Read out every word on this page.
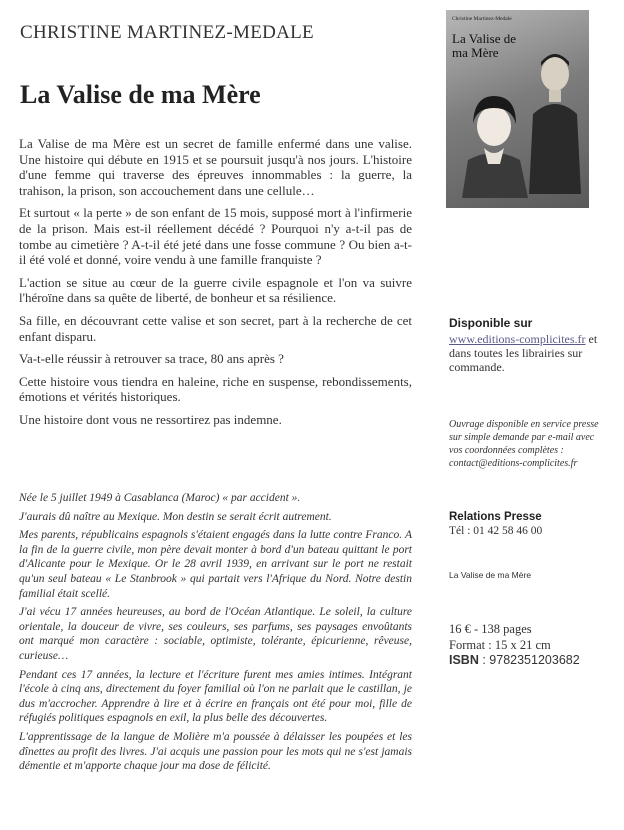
CHRISTINE MARTINEZ-MEDALE
La Valise de ma Mère

La Valise de ma Mère est un secret de famille enfermé dans une valise. Une histoire qui débute en 1915 et se poursuit jusqu'à nos jours. L'histoire d'une femme qui traverse des épreuves innommables : la guerre, la trahison, la prison, son accouchement dans une cellule…

Et surtout « la perte » de son enfant de 15 mois, supposé mort à l'infirmerie de la prison. Mais est-il réellement décédé ? Pourquoi n'y a-t-il pas de tombe au cimetière ? A-t-il été jeté dans une fosse commune ? Ou bien a-t-il été volé et donné, voire vendu à une famille franquiste ?

L'action se situe au cœur de la guerre civile espagnole et l'on va suivre l'héroïne dans sa quête de liberté, de bonheur et sa résilience.

Sa fille, en découvrant cette valise et son secret, part à la recherche de cet enfant disparu.

Va-t-elle réussir à retrouver sa trace, 80 ans après ?

Cette histoire vous tiendra en haleine, riche en suspense, rebondissements, émotions et vérités historiques.

Une histoire dont vous ne ressortirez pas indemne.

Née le 5 juillet 1949 à Casablanca (Maroc) « par accident ».

J'aurais dû naître au Mexique. Mon destin se serait écrit autrement.

Mes parents, républicains espagnols s'étaient engagés dans la lutte contre Franco. A la fin de la guerre civile, mon père devait monter à bord d'un bateau quittant le port d'Alicante pour le Mexique. Or le 28 avril 1939, en arrivant sur le port ne restait qu'un seul bateau « Le Stanbrook » qui partait vers l'Afrique du Nord. Notre destin familial était scellé.

J'ai vécu 17 années heureuses, au bord de l'Océan Atlantique. Le soleil, la culture orientale, la douceur de vivre, ses couleurs, ses parfums, ses paysages envoûtants ont marqué mon caractère : sociable, optimiste, tolérante, épicurienne, rêveuse, curieuse…

Pendant ces 17 années, la lecture et l'écriture furent mes amies intimes. Intégrant l'école à cinq ans, directement du foyer familial où l'on ne parlait que le castillan, je dus m'accrocher. Apprendre à lire et à écrire en français ont été pour moi, fille de réfugiés politiques espagnols en exil, la plus belle des découvertes.

L'apprentissage de la langue de Molière m'a poussée à délaisser les poupées et les dînettes au profit des livres. J'ai acquis une passion pour les mots qui ne s'est jamais démentie et m'apporte chaque jour ma dose de félicité.

Christine Martinez-Medale
La Valise de ma Mère
Disponible sur
www.editions-complicites.fr et dans toutes les librairies sur commande.
Ouvrage disponible en service presse sur simple demande par e-mail avec vos coordonnées complètes : contact@editions-complicites.fr
Relations Presse
Tél : 01 42 58 46 00
La Valise de ma Mère
16 € - 138 pages
Format : 15 x 21 cm
ISBN : 9782351203682
